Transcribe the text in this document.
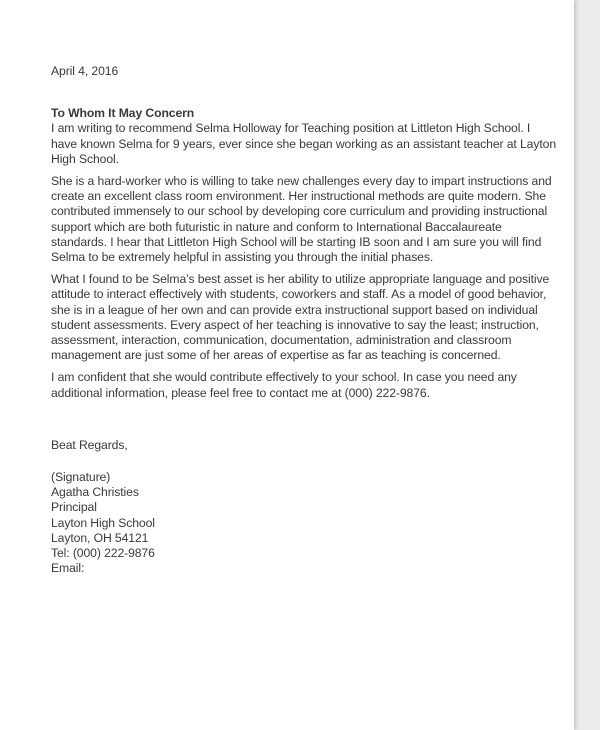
April 4, 2016

To Whom It May Concern

I am writing to recommend Selma Holloway for Teaching position at Littleton High School. I have known Selma for 9 years, ever since she began working as an assistant teacher at Layton High School.

She is a hard-worker who is willing to take new challenges every day to impart instructions and create an excellent class room environment. Her instructional methods are quite modern. She contributed immensely to our school by developing core curriculum and providing instructional support which are both futuristic in nature and conform to International Baccalaureate standards. I hear that Littleton High School will be starting IB soon and I am sure you will find Selma to be extremely helpful in assisting you through the initial phases.

What I found to be Selma’s best asset is her ability to utilize appropriate language and positive attitude to interact effectively with students, coworkers and staff. As a model of good behavior, she is in a league of her own and can provide extra instructional support based on individual student assessments. Every aspect of her teaching is innovative to say the least; instruction, assessment, interaction, communication, documentation, administration and classroom management are just some of her areas of expertise as far as teaching is concerned.

I am confident that she would contribute effectively to your school. In case you need any additional information, please feel free to contact me at (000) 222-9876.

Beat Regards,

(Signature)
Agatha Christies
Principal
Layton High School
Layton, OH 54121
Tel: (000) 222-9876
Email:
